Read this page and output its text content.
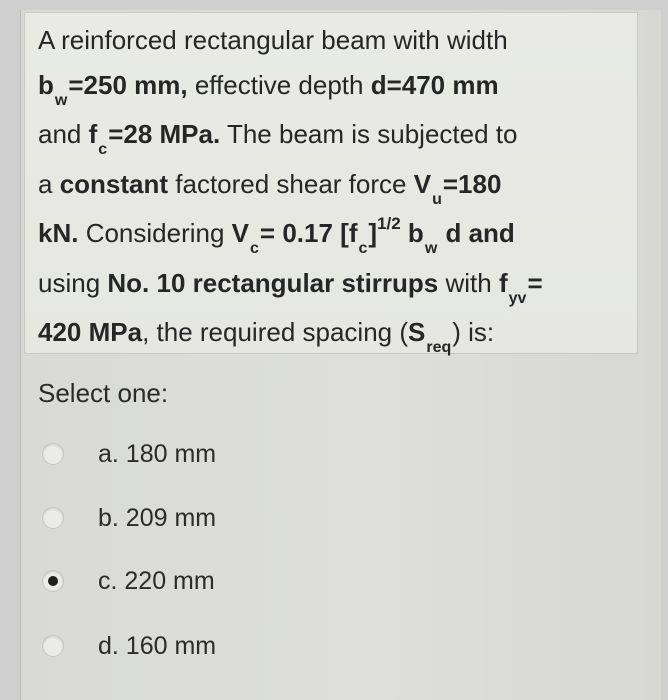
A reinforced rectangular beam with width
$b_w=250$ mm, effective depth d=470 mm
and $f_c=28$ MPa. The beam is subjected to
a constant factored shear force $V_u=180$
kN. Considering $V_c= 0.17$ $[f_c]^{1/2}$ $b_w$ d and
using No. 10 rectangular stirrups with $f_{yv}=$
420 MPa, the required spacing $(S_{req})$ is:

Select one:
a. 180 mm
b. 209 mm
c. 220 mm
d. 160 mm
